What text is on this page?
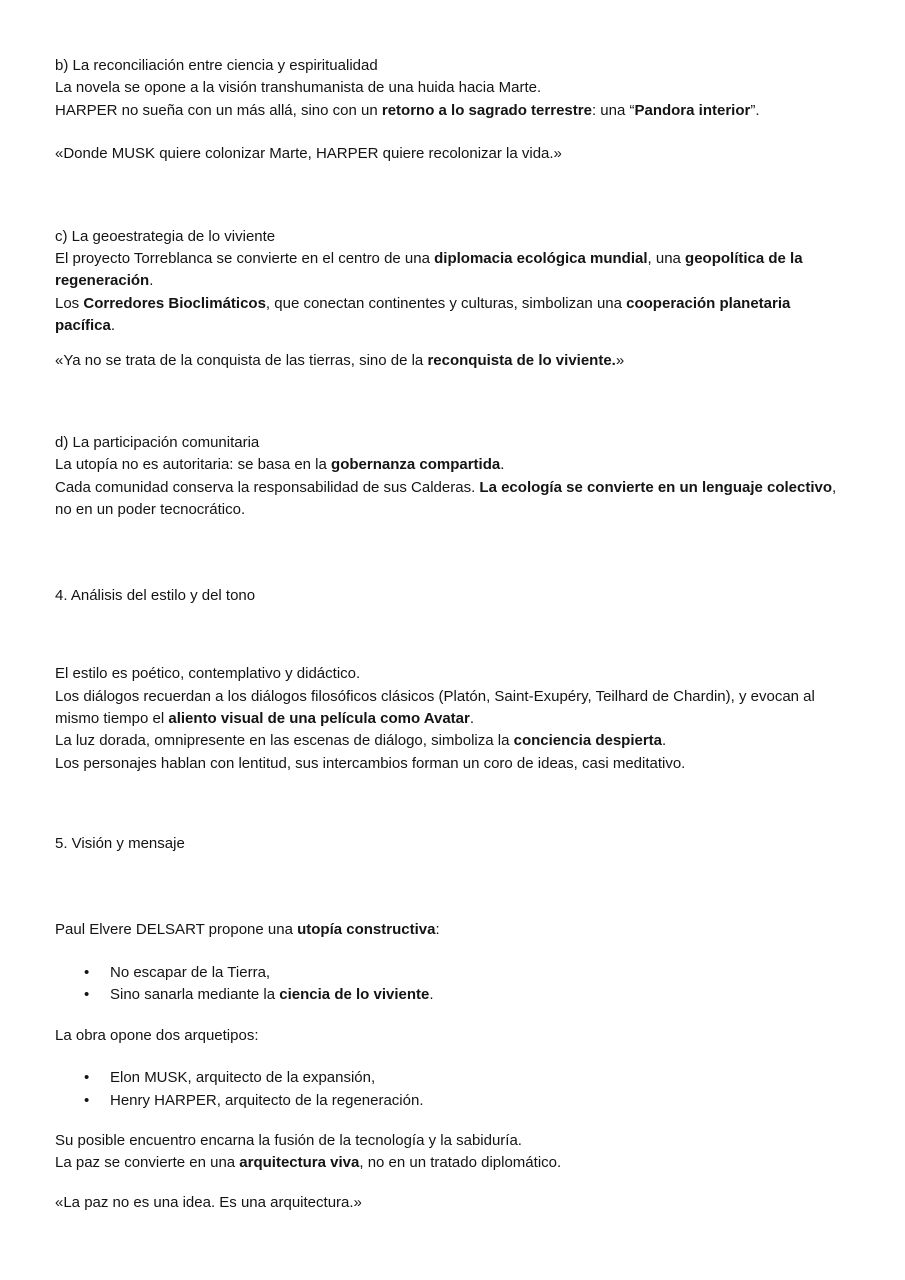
b) La reconciliación entre ciencia y espiritualidad
La novela se opone a la visión transhumanista de una huida hacia Marte.
HARPER no sueña con un más allá, sino con un retorno a lo sagrado terrestre: una “Pandora interior”.
«Donde MUSK quiere colonizar Marte, HARPER quiere recolonizar la vida.»
c) La geoestrategia de lo viviente
El proyecto Torreblanca se convierte en el centro de una diplomacia ecológica mundial, una geopolítica de la
regeneración.
Los Corredores Bioclimáticos, que conectan continentes y culturas, simbolizan una cooperación planetaria
pacífica.
«Ya no se trata de la conquista de las tierras, sino de la reconquista de lo viviente.»
d) La participación comunitaria
La utopía no es autoritaria: se basa en la gobernanza compartida.
Cada comunidad conserva la responsabilidad de sus Calderas. La ecología se convierte en un lenguaje colectivo,
no en un poder tecnocrático.
4. Análisis del estilo y del tono
El estilo es poético, contemplativo y didáctico.
Los diálogos recuerdan a los diálogos filosóficos clásicos (Platón, Saint-Exupéry, Teilhard de Chardin), y evocan al
mismo tiempo el aliento visual de una película como Avatar.
La luz dorada, omnipresente en las escenas de diálogo, simboliza la conciencia despierta.
Los personajes hablan con lentitud, sus intercambios forman un coro de ideas, casi meditativo.
5. Visión y mensaje
Paul Elvere DELSART propone una utopía constructiva:
• No escapar de la Tierra,
• Sino sanarla mediante la ciencia de lo viviente.
La obra opone dos arquetipos:
• Elon MUSK, arquitecto de la expansión,
• Henry HARPER, arquitecto de la regeneración.
Su posible encuentro encarna la fusión de la tecnología y la sabiduría.
La paz se convierte en una arquitectura viva, no en un tratado diplomático.
«La paz no es una idea. Es una arquitectura.»
